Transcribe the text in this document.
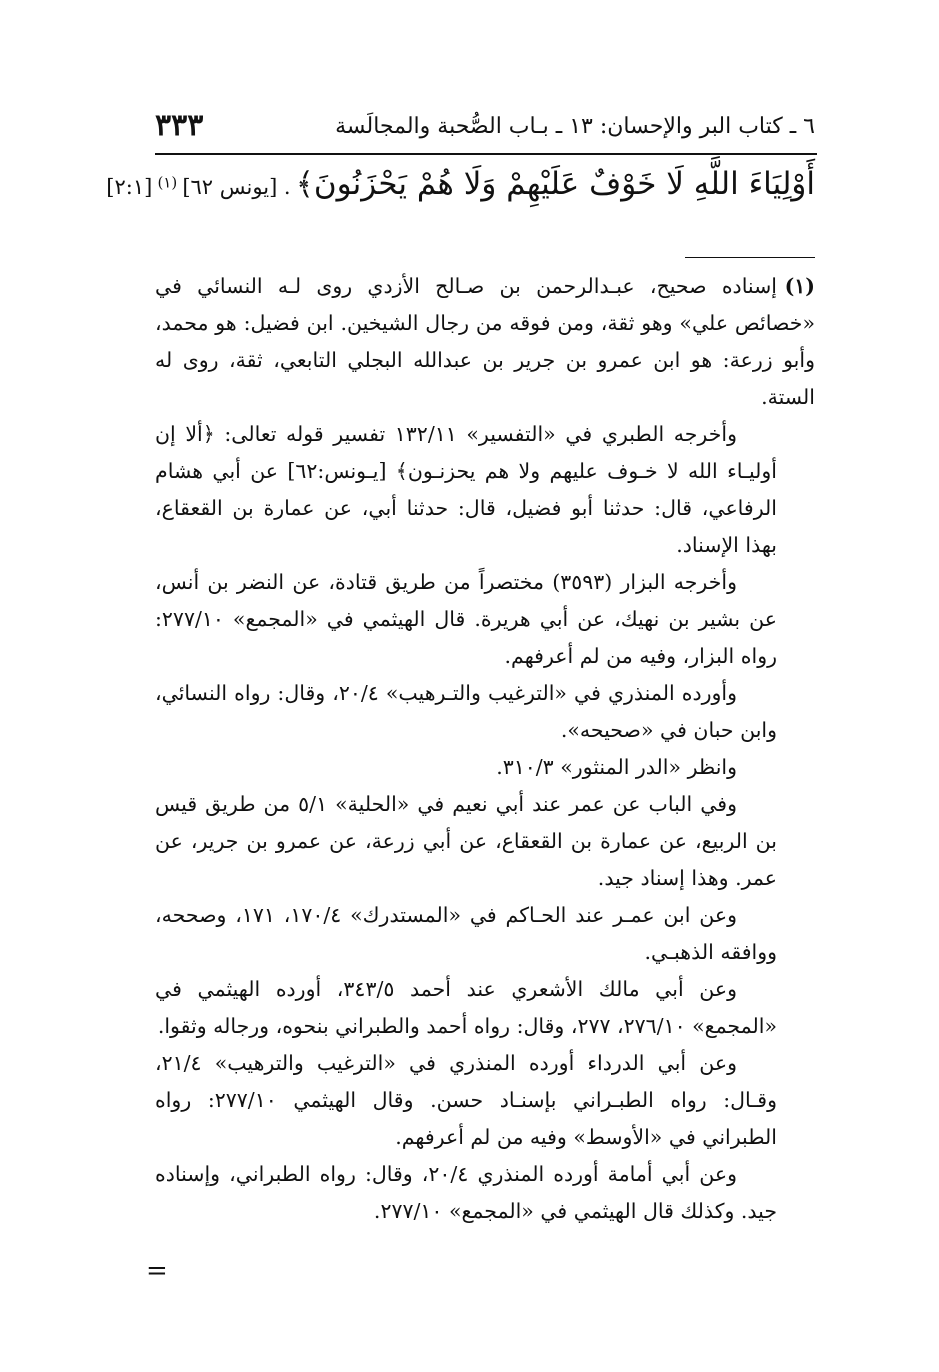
٦ ـ كتاب البر والإحسان: ١٣ ـ بـاب الصُّحبة والمجالَسة
٣٣٣
أَوْلِيَاءَ اللَّهِ لَا خَوْفٌ عَلَيْهِمْ وَلَا هُمْ يَحْزَنُونَ﴾ . [يونس ٦٢] $^{(١)}$ [٢:١]

(١)إسناده صحيح، عبـدالرحمن بن صـالح الأزدي روى لـه النسائي في «خصائص علي» وهو ثقة، ومن فوقه من رجال الشيخين. ابن فضيل: هو محمد، وأبو زرعة: هو ابن عمرو بن جرير بن عبدالله البجلي التابعي، ثقة، روى له الستة.

وأخرجه الطبري في «التفسير» ١٣٢/١١ تفسير قوله تعالى: ﴿ألا إن أوليـاء الله لا خـوف عليهم ولا هم يحزنـون﴾ [يـونس:٦٢] عن أبي هشام الرفاعي، قال: حدثنا أبو فضيل، قال: حدثنا أبي، عن عمارة بن القعقاع، بهذا الإسناد.

وأخرجه البزار (٣٥٩٣) مختصراً من طريق قتادة، عن النضر بن أنس، عن بشير بن نهيك، عن أبي هريرة. قال الهيثمي في «المجمع» ٢٧٧/١٠: رواه البزار، وفيه من لم أعرفهم.

وأورده المنذري في «الترغيب والتـرهيب» ٢٠/٤، وقال: رواه النسائي، وابن حبان في «صحيحه».

وانظر «الدر المنثور» ٣١٠/٣.

وفي الباب عن عمر عند أبي نعيم في «الحلية» ٥/١ من طريق قيس بن الربيع، عن عمارة بن القعقاع، عن أبي زرعة، عن عمرو بن جرير، عن عمر. وهذا إسناد جيد.

وعن ابن عمـر عند الحـاكم في «المستدرك» ١٧٠/٤، ١٧١، وصححه، ووافقه الذهبـي.

وعن أبي مالك الأشعري عند أحمد ٣٤٣/٥، أورده الهيثمي في «المجمع» ٢٧٦/١٠، ٢٧٧، وقال: رواه أحمد والطبراني بنحوه، ورجاله وثقوا.

وعن أبي الدرداء أورده المنذري في «الترغيب والترهيب» ٢١/٤، وقـال: رواه الطبـراني بإسنـاد حسن. وقال الهيثمي ٢٧٧/١٠: رواه الطبراني في «الأوسط» وفيه من لم أعرفهم.

وعن أبي أمامة أورده المنذري ٢٠/٤، وقال: رواه الطبراني، وإسناده جيد. وكذلك قال الهيثمي في «المجمع» ٢٧٧/١٠.

=
